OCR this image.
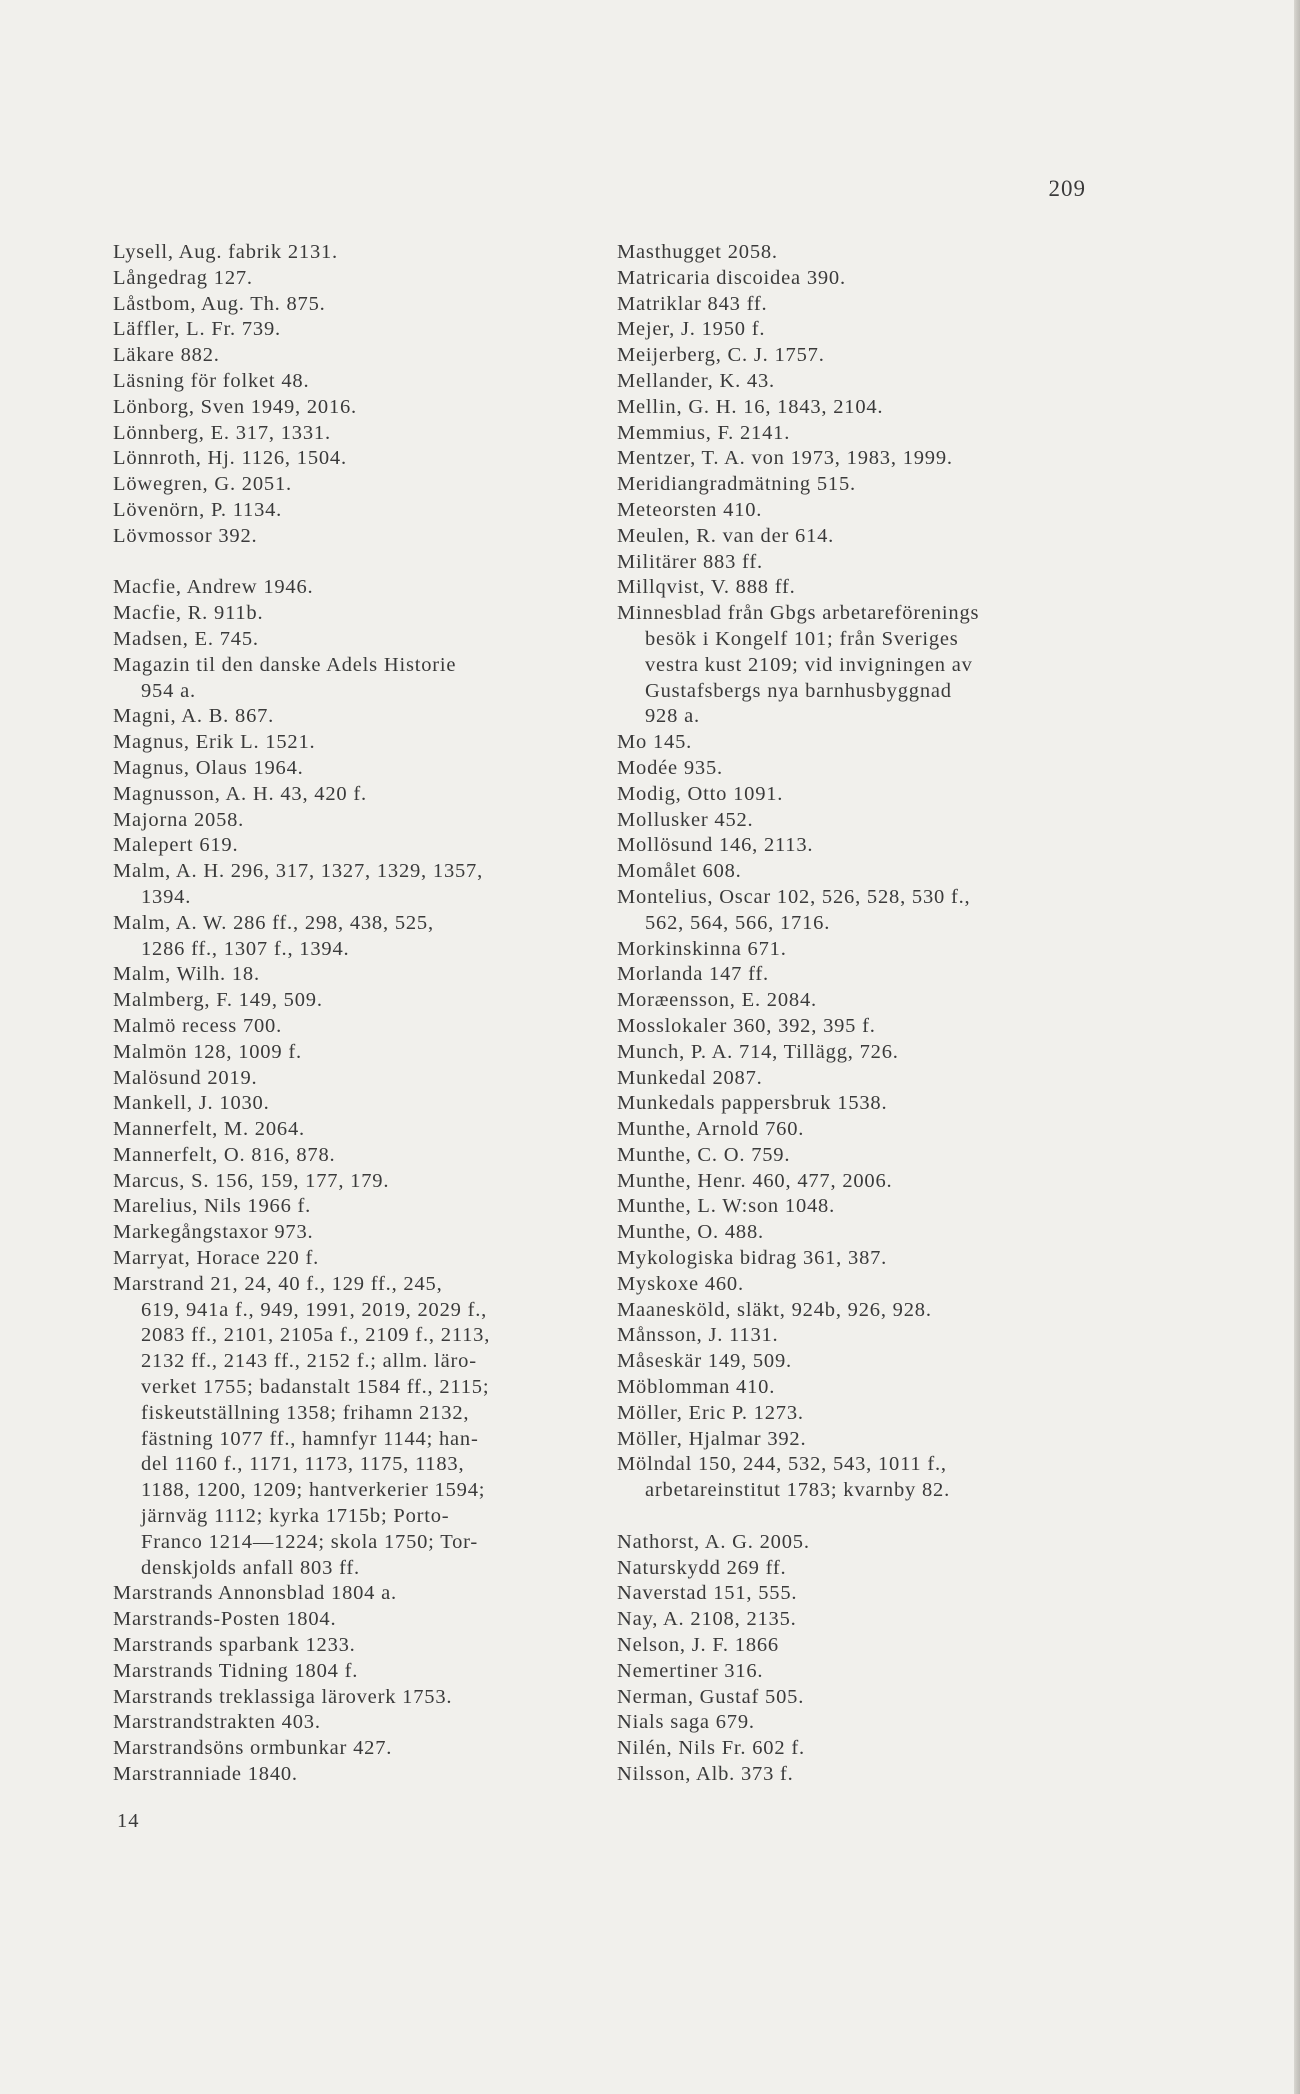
209
Lysell, Aug. fabrik 2131.
Långedrag 127.
Låstbom, Aug. Th. 875.
Läffler, L. Fr. 739.
Läkare 882.
Läsning för folket 48.
Lönborg, Sven 1949, 2016.
Lönnberg, E. 317, 1331.
Lönnroth, Hj. 1126, 1504.
Löwegren, G. 2051.
Lövenörn, P. 1134.
Lövmossor 392.
Macfie, Andrew 1946.
Macfie, R. 911b.
Madsen, E. 745.
Magazin til den danske Adels Historie
954 a.
Magni, A. B. 867.
Magnus, Erik L. 1521.
Magnus, Olaus 1964.
Magnusson, A. H. 43, 420 f.
Majorna 2058.
Malepert 619.
Malm, A. H. 296, 317, 1327, 1329, 1357,
1394.
Malm, A. W. 286 ff., 298, 438, 525,
1286 ff., 1307 f., 1394.
Malm, Wilh. 18.
Malmberg, F. 149, 509.
Malmö recess 700.
Malmön 128, 1009 f.
Malösund 2019.
Mankell, J. 1030.
Mannerfelt, M. 2064.
Mannerfelt, O. 816, 878.
Marcus, S. 156, 159, 177, 179.
Marelius, Nils 1966 f.
Markegångstaxor 973.
Marryat, Horace 220 f.
Marstrand 21, 24, 40 f., 129 ff., 245,
619, 941a f., 949, 1991, 2019, 2029 f.,
2083 ff., 2101, 2105a f., 2109 f., 2113,
2132 ff., 2143 ff., 2152 f.; allm. läro-
verket 1755; badanstalt 1584 ff., 2115;
fiskeutställning 1358; frihamn 2132,
fästning 1077 ff., hamnfyr 1144; han-
del 1160 f., 1171, 1173, 1175, 1183,
1188, 1200, 1209; hantverkerier 1594;
järnväg 1112; kyrka 1715b; Porto-
Franco 1214—1224; skola 1750; Tor-
denskjolds anfall 803 ff.
Marstrands Annonsblad 1804 a.
Marstrands-Posten 1804.
Marstrands sparbank 1233.
Marstrands Tidning 1804 f.
Marstrands treklassiga läroverk 1753.
Marstrandstrakten 403.
Marstrandsöns ormbunkar 427.
Marstranniade 1840.
Masthugget 2058.
Matricaria discoidea 390.
Matriklar 843 ff.
Mejer, J. 1950 f.
Meijerberg, C. J. 1757.
Mellander, K. 43.
Mellin, G. H. 16, 1843, 2104.
Memmius, F. 2141.
Mentzer, T. A. von 1973, 1983, 1999.
Meridiangradmätning 515.
Meteorsten 410.
Meulen, R. van der 614.
Militärer 883 ff.
Millqvist, V. 888 ff.
Minnesblad från Gbgs arbetareförenings
besök i Kongelf 101; från Sveriges
vestra kust 2109; vid invigningen av
Gustafsbergs nya barnhusbyggnad
928 a.
Mo 145.
Modée 935.
Modig, Otto 1091.
Mollusker 452.
Mollösund 146, 2113.
Momålet 608.
Montelius, Oscar 102, 526, 528, 530 f.,
562, 564, 566, 1716.
Morkinskinna 671.
Morlanda 147 ff.
Moræensson, E. 2084.
Mosslokaler 360, 392, 395 f.
Munch, P. A. 714, Tillägg, 726.
Munkedal 2087.
Munkedals pappersbruk 1538.
Munthe, Arnold 760.
Munthe, C. O. 759.
Munthe, Henr. 460, 477, 2006.
Munthe, L. W:son 1048.
Munthe, O. 488.
Mykologiska bidrag 361, 387.
Myskoxe 460.
Maanesköld, släkt, 924b, 926, 928.
Månsson, J. 1131.
Måseskär 149, 509.
Möblomman 410.
Möller, Eric P. 1273.
Möller, Hjalmar 392.
Mölndal 150, 244, 532, 543, 1011 f.,
arbetareinstitut 1783; kvarnby 82.
Nathorst, A. G. 2005.
Naturskydd 269 ff.
Naverstad 151, 555.
Nay, A. 2108, 2135.
Nelson, J. F. 1866
Nemertiner 316.
Nerman, Gustaf 505.
Nials saga 679.
Nilén, Nils Fr. 602 f.
Nilsson, Alb. 373 f.
14
